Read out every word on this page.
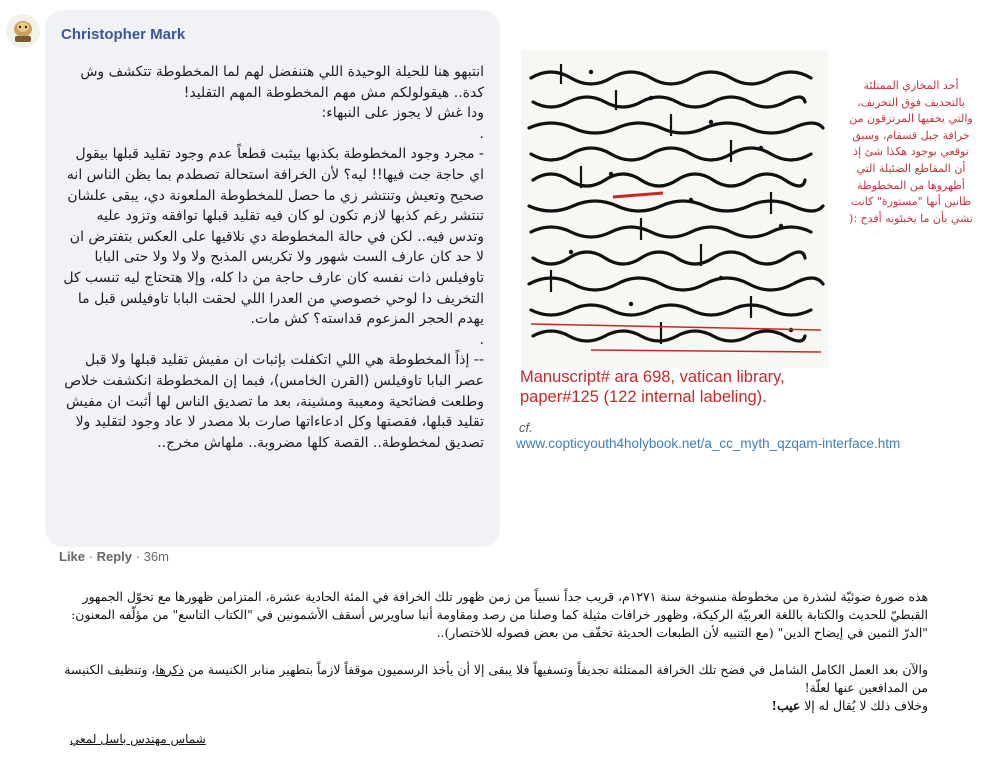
Christopher Mark

انتبهو هنا للحيلة الوحيدة اللي هتنفضل لهم لما المخطوطة تتكشف وش كدة.. هيقولولكم مش مهم المخطوطة المهم التقليد!
ودا غش لا يجوز على النبهاء:

.

- مجرد وجود المخطوطة بكذبها بيثبت قطعاً عدم وجود تقليد قبلها بيقول اي حاجة جت فيها!! ليه؟ لأن الخرافة استحالة تصطدم بما يظن الناس انه صحيح وتعيش وتنتشر زي ما حصل للمخطوطة الملعونة دي، يبقى علشان تنتشر رغم كذبها لازم تكون لو كان فيه تقليد قبلها توافقه وتزود عليه وتدس فيه.. لكن في حالة المخطوطة دي نلاقيها على العكس بتفترض ان لا حد كان عارف الست شهور ولا تكريس المذبح ولا ولا ولا حتى البابا تاوفيلس ذات نفسه كان عارف حاجة من دا كله، وإلا هتحتاج ليه تنسب كل التخريف دا لوحي خصوصي من العدرا اللي لحقت البابا تاوفيلس قبل ما يهدم الحجر المزعوم قداسته؟ كش مات.

.

-- إذاً المخطوطة هي اللي اتكفلت بإثبات ان مفيش تقليد قبلها ولا قبل عصر البابا تاوفيلس (القرن الخامس)، فبما إن المخطوطة انكشفت خلاص وطلعت فضائحية ومعيبة ومشينة، بعد ما تصديق الناس لها أثبت ان مفيش تقليد قبلها، فقصتها وكل ادعاءاتها صارت بلا مصدر لا عاد وجود لتقليد ولا تصديق لمخطوطة.. القصة كلها مضروبة.. ملهاش مخرج..

Like · Reply · 36m
أحد المخازي الممتلئة بالتجديف فوق التخريف، والتي يخفيها المرتزقون من خرافة جبل قسقام، وسبق توقعي بوجود هكذا شئ إذ أن المقاطع الضئيلة التي أظهروها من المخطوطة ظانين أنها "مستورة" كانت تشي بأن ما يخبئونه أفدح :(
Manuscript# ara 698, vatican library, paper#125 (122 internal labeling).
cf.
www.copticyouth4holybook.net/a_cc_myth_qzqam-interface.htm

هذه صورة ضوئيّة لشذرة من مخطوطة منسوخة سنة ١٢٧١م، قريب جداً نسبياً من زمن ظهور تلك الخرافة في المئة الحادية عشرة، المتزامن ظهورها مع تحوّل الجمهور القبطيّ للحديث والكتابة باللغة العربيّة الركيكة، وظهور خرافات مثيلة كما وصلنا من رصد ومقاومة أنبا ساويرس أسقف الأشمونين في "الكتاب التاسع" من مؤلّفه المعنون: "الدرّ الثمين في إيضاح الدين" (مع التنبيه لأن الطبعات الحديثة تخفّف من بعض فصوله للاختصار)..

والآن بعد العمل الكامل الشامل في فضح تلك الخرافة الممتلئة تجديفاً وتسفيهاً فلا يبقى إلا أن يأخذ الرسميون موقفاً لازماً بتطهير منابر الكنيسة من ذكرها، وتنظيف الكنيسة من المدافعين عنها لعلّة!

وخلاف ذلك لا يُقال له إلا عيب!

شماس مهندس باسل لمعي
